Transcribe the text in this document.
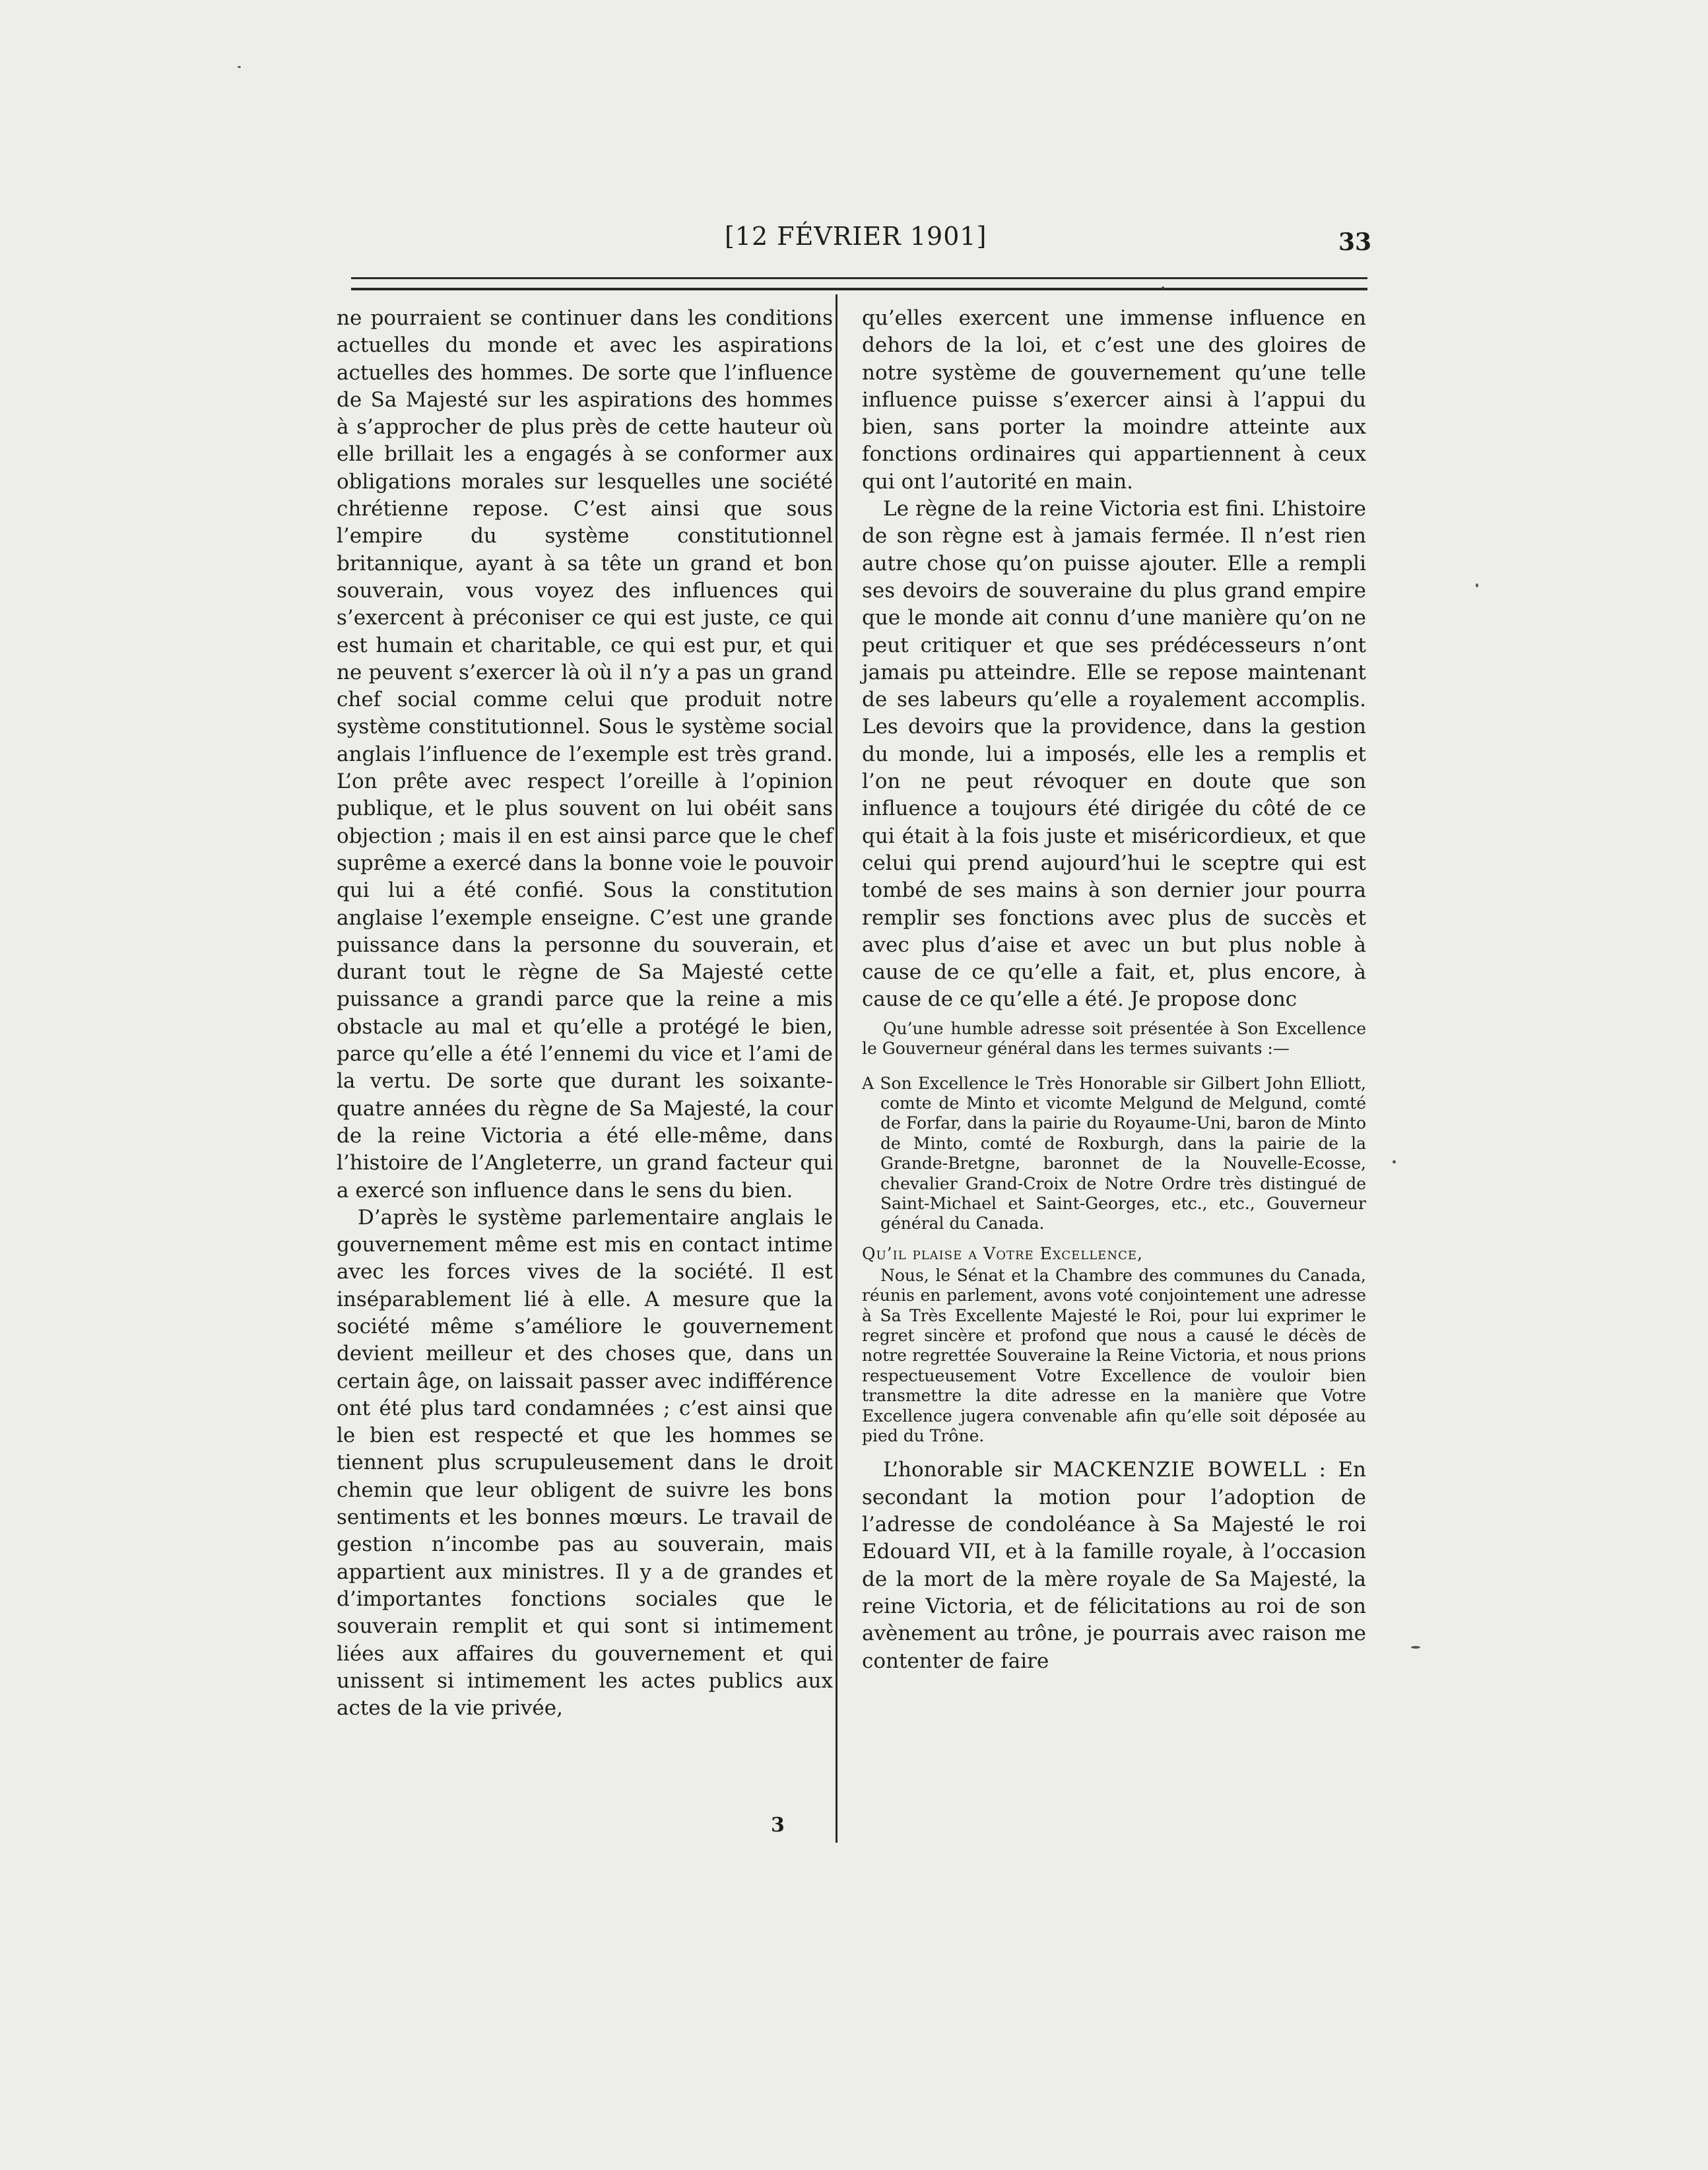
[12 FÉVRIER 1901]	33

ne pourraient se continuer dans les conditions actuelles du monde et avec les aspirations actuelles des hommes. De sorte que l’influence de Sa Majesté sur les aspirations des hommes à s’approcher de plus près de cette hauteur où elle brillait les a engagés à se conformer aux obligations morales sur lesquelles une société chrétienne repose. C’est ainsi que sous l’empire du système constitutionnel britannique, ayant à sa tête un grand et bon souverain, vous voyez des influences qui s’exercent à préconiser ce qui est juste, ce qui est humain et charitable, ce qui est pur, et qui ne peuvent s’exercer là où il n’y a pas un grand chef social comme celui que produit notre système constitutionnel. Sous le système social anglais l’influence de l’exemple est très grand. L’on prête avec respect l’oreille à l’opinion publique, et le plus souvent on lui obéit sans objection ; mais il en est ainsi parce que le chef suprême a exercé dans la bonne voie le pouvoir qui lui a été confié. Sous la constitution anglaise l’exemple enseigne. C’est une grande puissance dans la personne du souverain, et durant tout le règne de Sa Majesté cette puissance a grandi parce que la reine a mis obstacle au mal et qu’elle a protégé le bien, parce qu’elle a été l’ennemi du vice et l’ami de la vertu. De sorte que durant les soixante-quatre années du règne de Sa Majesté, la cour de la reine Victoria a été elle-même, dans l’histoire de l’Angleterre, un grand facteur qui a exercé son influence dans le sens du bien.

D’après le système parlementaire anglais le gouvernement même est mis en contact intime avec les forces vives de la société. Il est inséparablement lié à elle. A mesure que la société même s’améliore le gouvernement devient meilleur et des choses que, dans un certain âge, on laissait passer avec indifférence ont été plus tard condamnées ; c’est ainsi que le bien est respecté et que les hommes se tiennent plus scrupuleusement dans le droit chemin que leur obligent de suivre les bons sentiments et les bonnes mœurs. Le travail de gestion n’incombe pas au souverain, mais appartient aux ministres. Il y a de grandes et d’importantes fonctions sociales que le souverain remplit et qui sont si intimement liées aux affaires du gouvernement et qui unissent si intimement les actes publics aux actes de la vie privée,

3

qu’elles exercent une immense influence en dehors de la loi, et c’est une des gloires de notre système de gouvernement qu’une telle influence puisse s’exercer ainsi à l’appui du bien, sans porter la moindre atteinte aux fonctions ordinaires qui appartiennent à ceux qui ont l’autorité en main.

Le règne de la reine Victoria est fini. L’histoire de son règne est à jamais fermée. Il n’est rien autre chose qu’on puisse ajouter. Elle a rempli ses devoirs de souveraine du plus grand empire que le monde ait connu d’une manière qu’on ne peut critiquer et que ses prédécesseurs n’ont jamais pu atteindre. Elle se repose maintenant de ses labeurs qu’elle a royalement accomplis. Les devoirs que la providence, dans la gestion du monde, lui a imposés, elle les a remplis et l’on ne peut révoquer en doute que son influence a toujours été dirigée du côté de ce qui était à la fois juste et miséricordieux, et que celui qui prend aujourd’hui le sceptre qui est tombé de ses mains à son dernier jour pourra remplir ses fonctions avec plus de succès et avec plus d’aise et avec un but plus noble à cause de ce qu’elle a fait, et, plus encore, à cause de ce qu’elle a été. Je propose donc

Qu’une humble adresse soit présentée à Son Excellence le Gouverneur général dans les termes suivants :—

A Son Excellence le Très Honorable sir Gilbert John Elliott, comte de Minto et vicomte Melgund de Melgund, comté de Forfar, dans la pairie du Royaume-Uni, baron de Minto de Minto, comté de Roxburgh, dans la pairie de la Grande-Bretgne, baronnet de la Nouvelle-Ecosse, chevalier Grand-Croix de Notre Ordre très distingué de Saint-Michael et Saint-Georges, etc., etc., Gouverneur général du Canada.

Qu’il plaise a Votre Excellence,

Nous, le Sénat et la Chambre des communes du Canada, réunis en parlement, avons voté conjointement une adresse à Sa Très Excellente Majesté le Roi, pour lui exprimer le regret sincère et profond que nous a causé le décès de notre regrettée Souveraine la Reine Victoria, et nous prions respectueusement Votre Excellence de vouloir bien transmettre la dite adresse en la manière que Votre Excellence jugera convenable afin qu’elle soit déposée au pied du Trône.

L’honorable sir MACKENZIE BOWELL : En secondant la motion pour l’adoption de l’adresse de condoléance à Sa Majesté le roi Edouard VII, et à la famille royale, à l’occasion de la mort de la mère royale de Sa Majesté, la reine Victoria, et de félicitations au roi de son avènement au trône, je pourrais avec raison me contenter de faire
